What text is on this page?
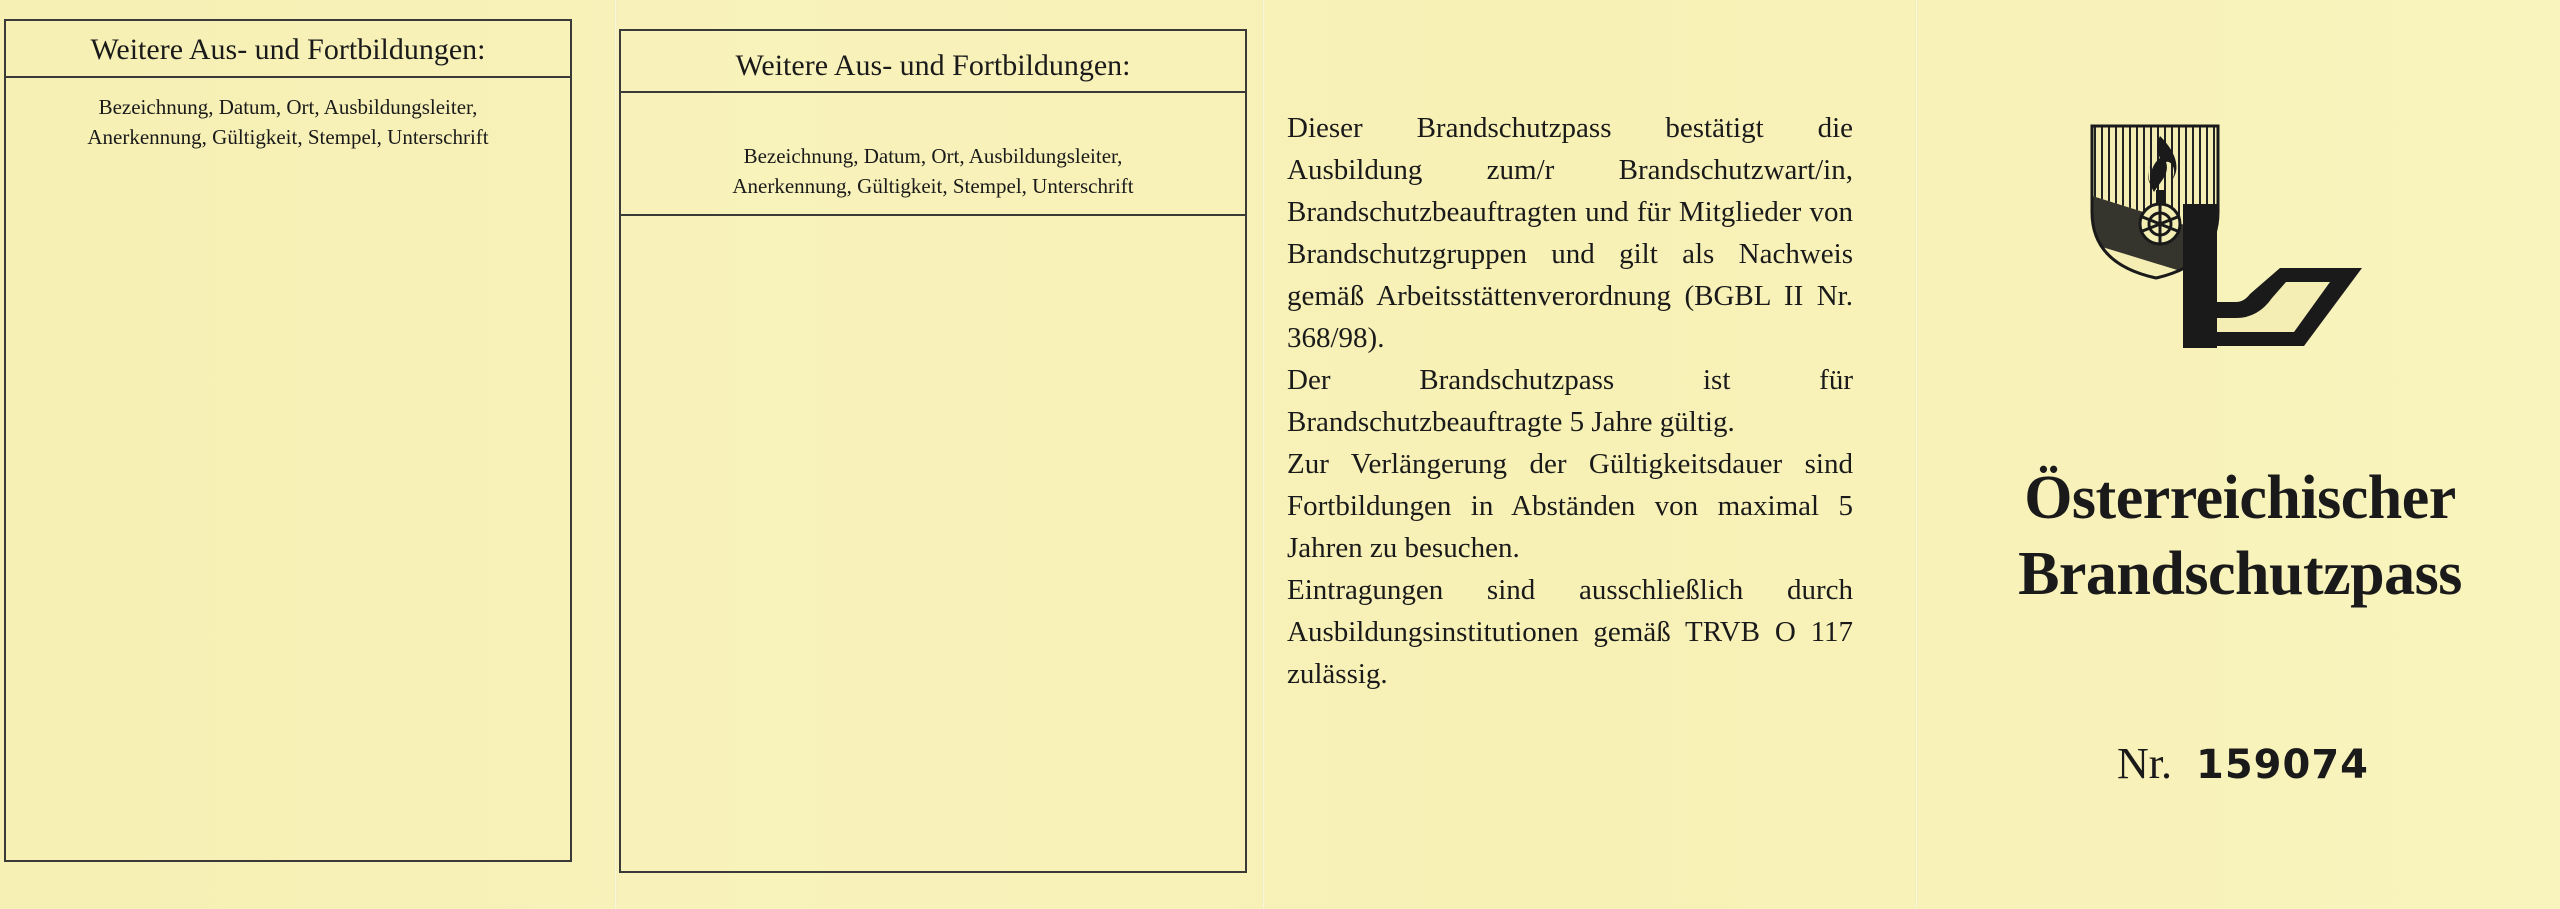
Weitere Aus- und Fortbildungen:
Bezeichnung, Datum, Ort, Ausbildungsleiter,
Anerkennung, Gültigkeit, Stempel, Unterschrift
Weitere Aus- und Fortbildungen:
Bezeichnung, Datum, Ort, Ausbildungsleiter,
Anerkennung, Gültigkeit, Stempel, Unterschrift

Dieser Brandschutzpass bestätigt die Ausbildung zum/r Brandschutzwart/in, Brandschutzbeauftragten und für Mitglieder von Brandschutzgruppen und gilt als Nachweis gemäß Arbeitsstättenverordnung (BGBL II Nr. 368/98).

Der Brandschutzpass ist für Brandschutzbeauftragte 5 Jahre gültig.

Zur Verlängerung der Gültigkeitsdauer sind Fortbildungen in Abständen von maximal 5 Jahren zu besuchen.

Eintragungen sind ausschließlich durch Ausbildungsinstitutionen gemäß TRVB O 117 zulässig.

Österreichischer
Brandschutzpass
Nr. 159074
